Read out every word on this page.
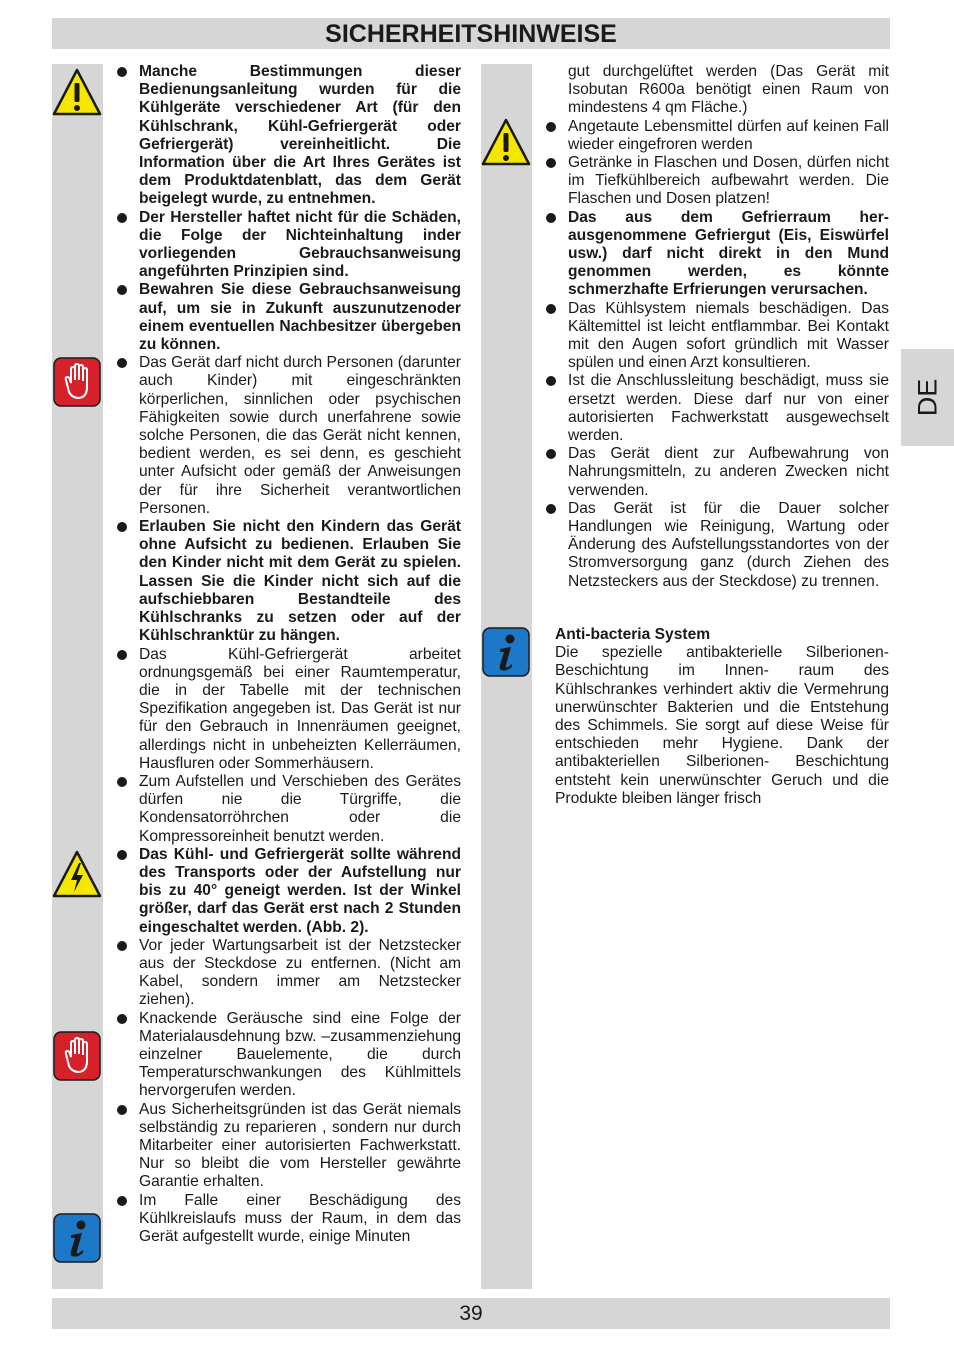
SICHERHEITSHINWEISE

Manche Bestimmungen dieser Bedienungsanleitung wurden für die Kühlgeräte verschiedener Art (für den Kühlschrank, Kühl-Gefriergerät oder Gefriergerät) vereinheitlicht. Die Information über die Art Ihres Gerätes ist dem Produktdatenblatt, das dem Gerät beigelegt wurde, zu entnehmen.

Der Hersteller haftet nicht für die Schäden, die Folge der Nichteinhaltung inder vorliegenden Gebrauchsanweisung angeführten Prinzipien sind.

Bewahren Sie diese Gebrauchsanweisung auf, um sie in Zukunft auszunutzenoder einem eventuellen Nachbesitzer übergeben zu können.

Das Gerät darf nicht durch Personen (darunter auch Kinder) mit eingeschränkten körperlichen, sinnlichen oder psychischen Fähigkeiten sowie durch unerfahrene sowie solche Personen, die das Gerät nicht kennen, bedient werden, es sei denn, es geschieht unter Aufsicht oder gemäß der Anweisungen der für ihre Sicherheit verantwortlichen Personen.

Erlauben Sie nicht den Kindern das Gerät ohne Aufsicht zu bedienen. Erlauben Sie den Kinder nicht mit dem Gerät zu spielen. Lassen Sie die Kinder nicht sich auf die aufschiebbaren Bestandteile des Kühlschranks zu setzen oder auf der Kühlschranktür zu hängen.

Das Kühl-Gefriergerät arbeitet ordnungsgemäß bei einer Raumtemperatur, die in der Tabelle mit der technischen Spezifikation angegeben ist. Das Gerät ist nur für den Gebrauch in Innenräumen geeignet, allerdings nicht in unbeheizten Kellerräumen, Hausfluren oder Sommerhäusern.

Zum Aufstellen und Verschieben des Gerätes dürfen nie die Türgriffe, die Kondensatorröhrchen oder die Kompressoreinheit benutzt werden.

Das Kühl- und Gefriergerät sollte während des Transports oder der Aufstellung nur bis zu 40° geneigt werden. Ist der Winkel größer, darf das Gerät erst nach 2 Stunden eingeschaltet werden. (Abb. 2).

Vor jeder Wartungsarbeit ist der Netzstecker aus der Steckdose zu entfernen. (Nicht am Kabel, sondern immer am Netzstecker ziehen).

Knackende Geräusche sind eine Folge der Materialausdehnung bzw. –zusammenziehung einzelner Bauelemente, die durch Temperaturschwankungen des Kühlmittels hervorgerufen werden.

Aus Sicherheitsgründen ist das Gerät niemals selbständig zu reparieren , sondern nur durch Mitarbeiter einer autorisierten Fachwerkstatt. Nur so bleibt die vom Hersteller gewährte Garantie erhalten.

Im Falle einer Beschädigung des Kühlkreislaufs muss der Raum, in dem das Gerät aufgestellt wurde, einige Minuten

gut durchgelüftet werden (Das Gerät mit Isobutan R600a benötigt einen Raum von mindestens 4 qm Fläche.)

Angetaute Lebensmittel dürfen auf keinen Fall wieder eingefroren werden

Getränke in Flaschen und Dosen, dürfen nicht im Tiefkühlbereich aufbewahrt werden. Die Flaschen und Dosen platzen!

Das aus dem Gefrierraum her- ausgenommene Gefriergut (Eis, Eiswürfel usw.) darf nicht direkt in den Mund genommen werden, es könnte schmerzhafte Erfrierungen verursachen.

Das Kühlsystem niemals beschädigen. Das Kältemittel ist leicht entflammbar. Bei Kontakt mit den Augen sofort gründlich mit Wasser spülen und einen Arzt konsultieren.

Ist die Anschlussleitung beschädigt, muss sie ersetzt werden. Diese darf nur von einer autorisierten Fachwerkstatt ausgewechselt werden.

Das Gerät dient zur Aufbewahrung von Nahrungsmitteln, zu anderen Zwecken nicht verwenden.

Das Gerät ist für die Dauer solcher Handlungen wie Reinigung, Wartung oder Änderung des Aufstellungsstandortes von der Stromversorgung ganz (durch Ziehen des Netzsteckers aus der Steckdose) zu trennen.

Anti-bacteria System

Die spezielle antibakterielle Silberionen-Beschichtung im Innen- raum des Kühlschrankes verhindert aktiv die Vermehrung unerwünschter Bakterien und die Entstehung des Schimmels. Sie sorgt auf diese Weise für entschieden mehr Hygiene. Dank der antibakteriellen Silberionen- Beschichtung entsteht kein unerwünschter Geruch und die Produkte bleiben länger frisch

DE
39
